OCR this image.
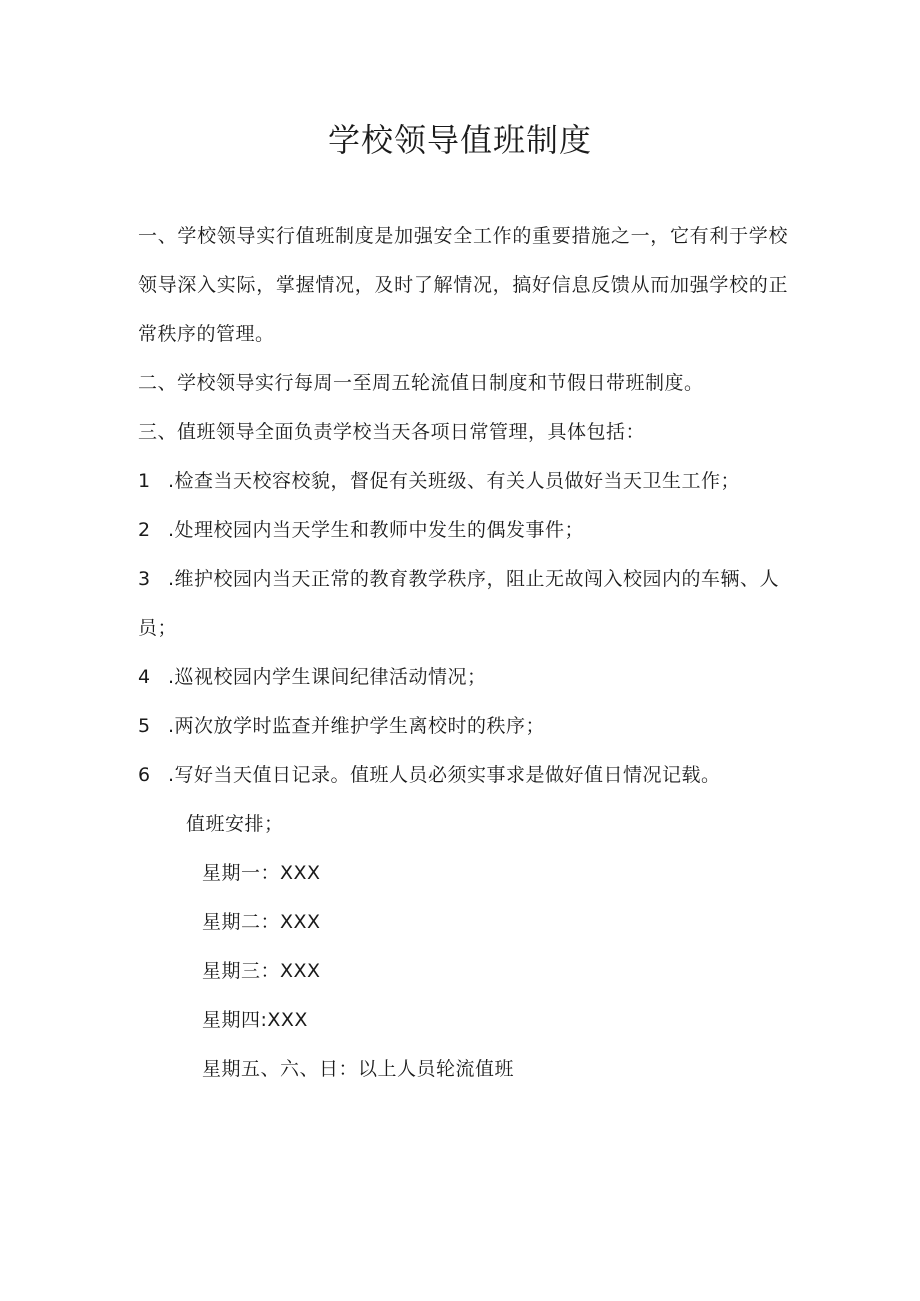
学校领导值班制度

一、学校领导实行值班制度是加强安全工作的重要措施之一，它有利于学校领导深入实际，掌握情况，及时了解情况，搞好信息反馈从而加强学校的正常秩序的管理。

二、学校领导实行每周一至周五轮流值日制度和节假日带班制度。

三、值班领导全面负责学校当天各项日常管理，具体包括：

1 .检查当天校容校貌，督促有关班级、有关人员做好当天卫生工作；

2 .处理校园内当天学生和教师中发生的偶发事件；

3 .维护校园内当天正常的教育教学秩序，阻止无故闯入校园内的车辆、人员；

4 .巡视校园内学生课间纪律活动情况；

5 .两次放学时监查并维护学生离校时的秩序；

6 .写好当天值日记录。值班人员必须实事求是做好值日情况记载。

值班安排；

星期一：XXX

星期二：XXX

星期三：XXX

星期四:XXX

星期五、六、日：以上人员轮流值班
